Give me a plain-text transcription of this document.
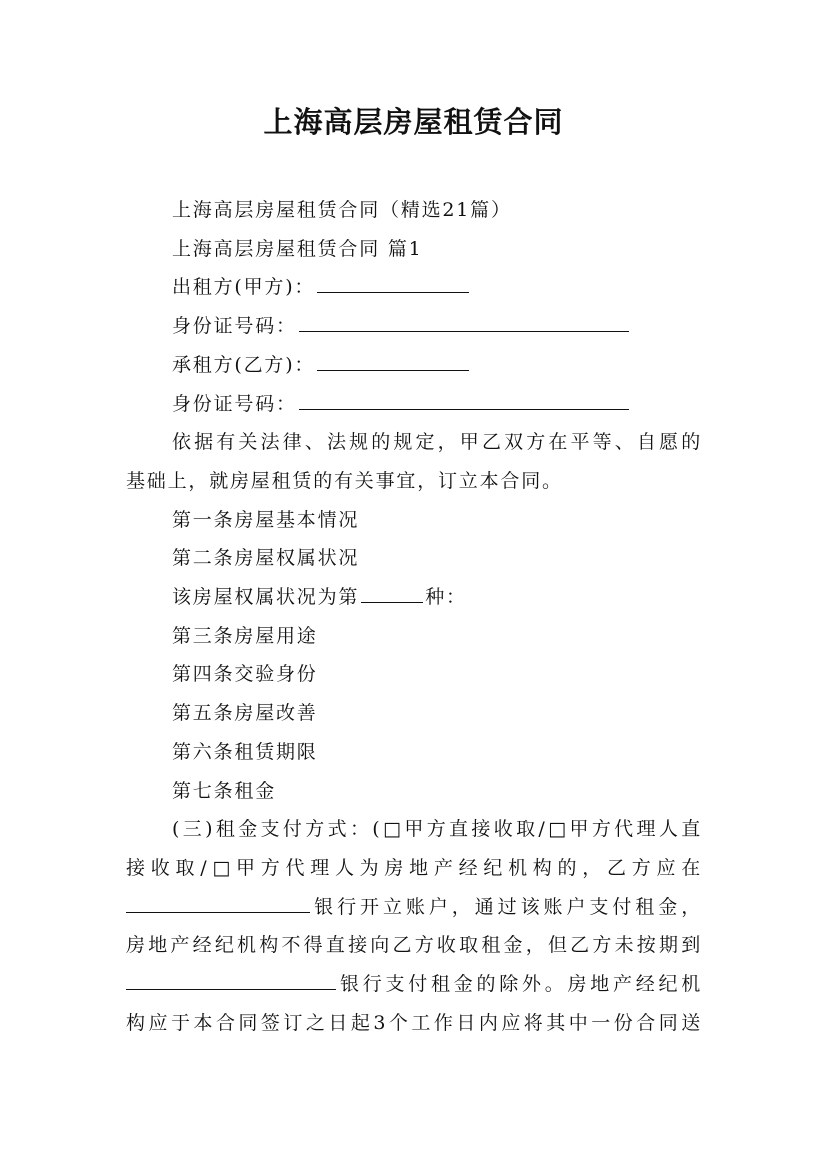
上海高层房屋租赁合同

上海高层房屋租赁合同（精选21篇）

上海高层房屋租赁合同 篇1

出租方(甲方)：

身份证号码：

承租方(乙方)：

身份证号码：

依据有关法律、法规的规定，甲乙双方在平等、自愿的

基础上，就房屋租赁的有关事宜，订立本合同。

第一条房屋基本情况

第二条房屋权属状况

该房屋权属状况为第	种：

第三条房屋用途

第四条交验身份

第五条房屋改善

第六条租赁期限

第七条租金

(三)租金支付方式：(□甲方直接收取/□甲方代理人直

接收取/□甲方代理人为房地产经纪机构的，乙方应在

银行开立账户，通过该账户支付租金，

房地产经纪机构不得直接向乙方收取租金，但乙方未按期到

银行支付租金的除外。房地产经纪机

构应于本合同签订之日起3个工作日内应将其中一份合同送
